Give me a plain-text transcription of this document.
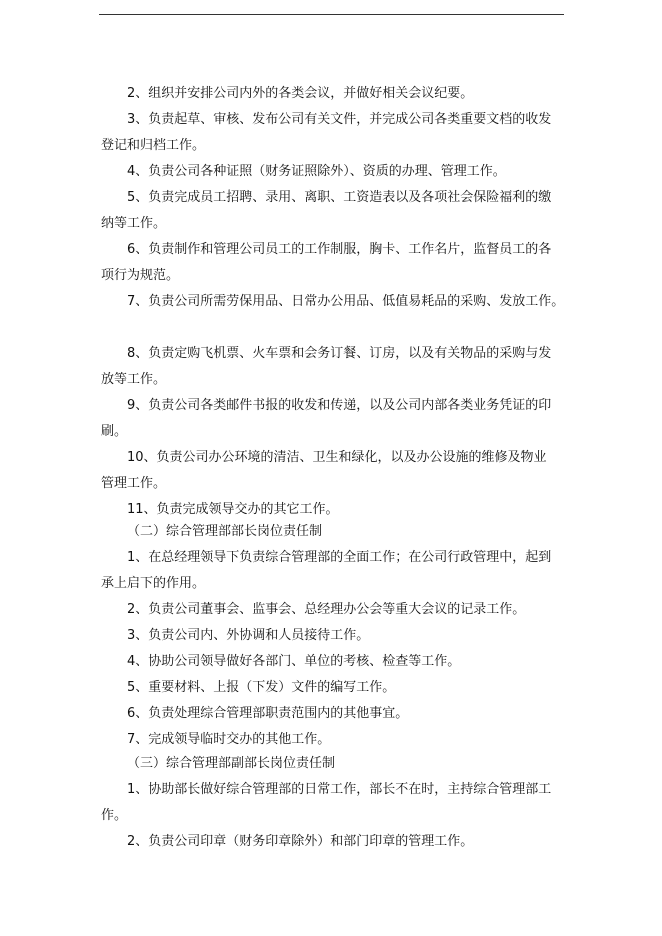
2、组织并安排公司内外的各类会议，并做好相关会议纪要。
3、负责起草、审核、发布公司有关文件，并完成公司各类重要文档的收发
登记和归档工作。
4、负责公司各种证照（财务证照除外）、资质的办理、管理工作。
5、负责完成员工招聘、录用、离职、工资造表以及各项社会保险福利的缴
纳等工作。
6、负责制作和管理公司员工的工作制服，胸卡、工作名片，监督员工的各
项行为规范。
7、负责公司所需劳保用品、日常办公用品、低值易耗品的采购、发放工作。
8、负责定购飞机票、火车票和会务订餐、订房，以及有关物品的采购与发
放等工作。
9、负责公司各类邮件书报的收发和传递，以及公司内部各类业务凭证的印
刷。
10、负责公司办公环境的清洁、卫生和绿化，以及办公设施的维修及物业
管理工作。
11、负责完成领导交办的其它工作。
（二）综合管理部部长岗位责任制
1、在总经理领导下负责综合管理部的全面工作；在公司行政管理中，起到
承上启下的作用。
2、负责公司董事会、监事会、总经理办公会等重大会议的记录工作。
3、负责公司内、外协调和人员接待工作。
4、协助公司领导做好各部门、单位的考核、检查等工作。
5、重要材料、上报（下发）文件的编写工作。
6、负责处理综合管理部职责范围内的其他事宜。
7、完成领导临时交办的其他工作。
（三）综合管理部副部长岗位责任制
1、协助部长做好综合管理部的日常工作，部长不在时，主持综合管理部工
作。
2、负责公司印章（财务印章除外）和部门印章的管理工作。
